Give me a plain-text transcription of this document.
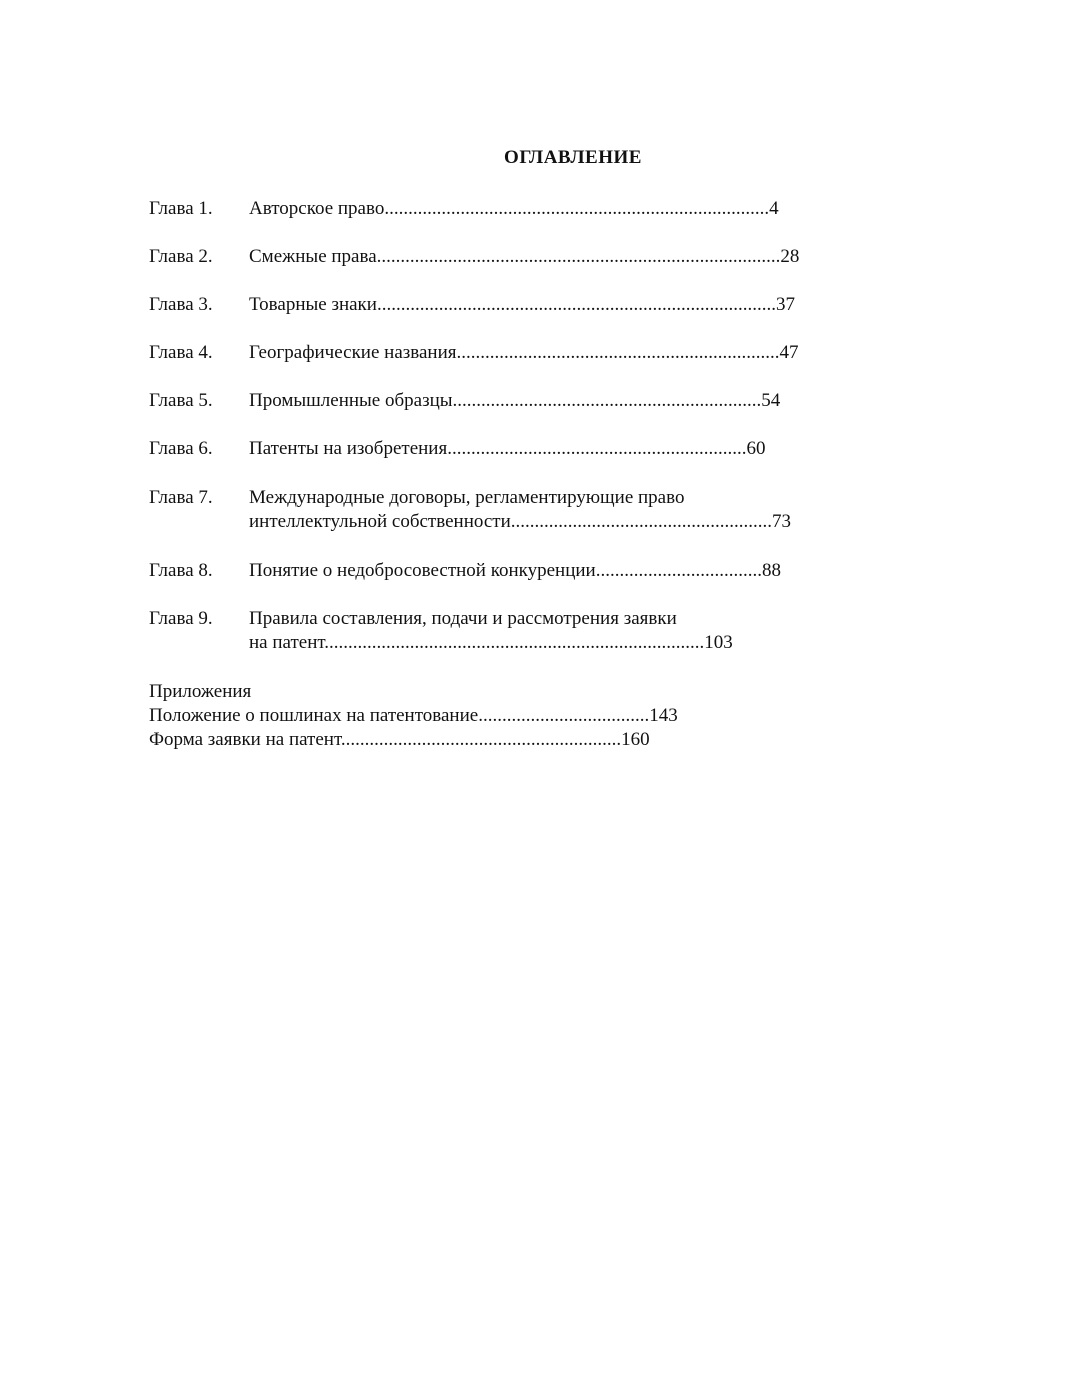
ОГЛАВЛЕНИЕ
Глава 1. Авторское право.................................................................................4
Глава 2. Смежные права.....................................................................................28
Глава 3. Товарные знаки....................................................................................37
Глава 4. Географические названия....................................................................47
Глава 5. Промышленные образцы.................................................................54
Глава 6. Патенты на изобретения...............................................................60
Глава 7. Международные договоры, регламентирующие право
интеллектульной собственности.......................................................73
Глава 8. Понятие о недобросовестной конкуренции...................................88
Глава 9. Правила составления, подачи и рассмотрения заявки
на патент................................................................................103
Приложения
Положение о пошлинах на патентование....................................143
Форма заявки на патент...........................................................160
